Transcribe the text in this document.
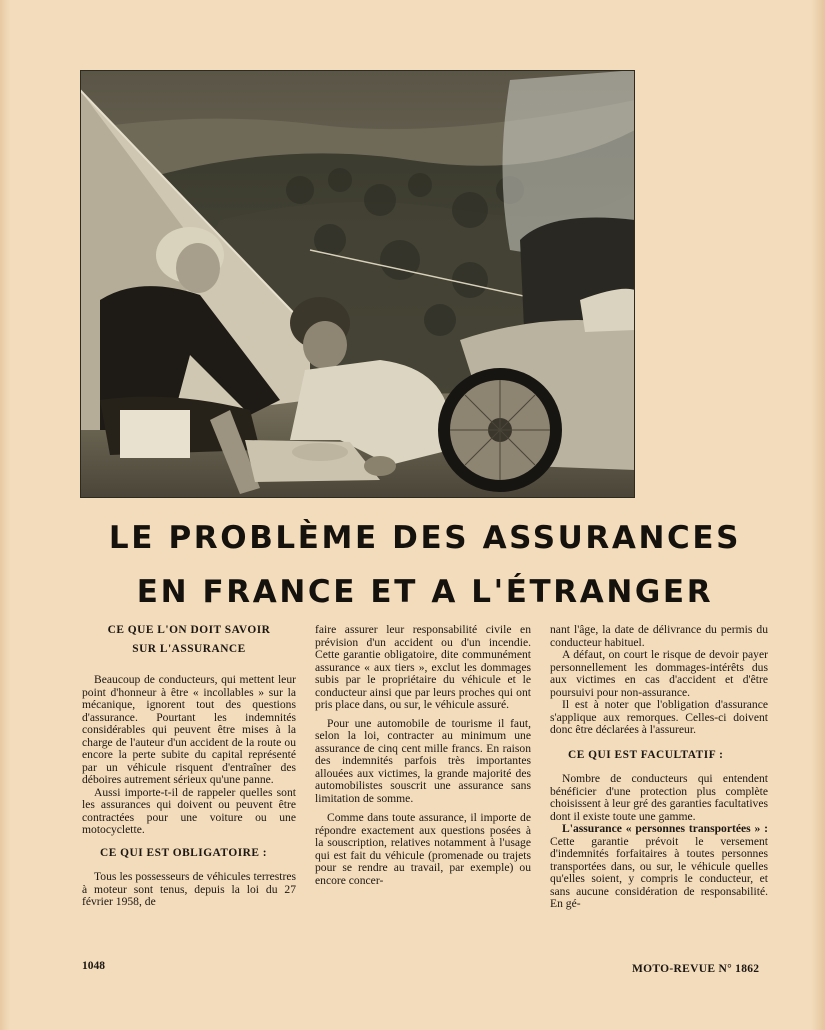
LE PROBLÈME DES ASSURANCES
EN FRANCE ET A L'ÉTRANGER
CE QUE L'ON DOIT SAVOIR
SUR L'ASSURANCE

Beaucoup de conducteurs, qui mettent leur point d'honneur à être « incollables » sur la mécanique, ignorent tout des questions d'assurance. Pourtant les indemnités considérables qui peuvent être mises à la charge de l'auteur d'un accident de la route ou encore la perte subite du capital représenté par un véhicule risquent d'entraîner des déboires autrement sérieux qu'une panne.

Aussi importe-t-il de rappeler quelles sont les assurances qui doivent ou peuvent être contractées pour une voiture ou une motocyclette.

CE QUI EST OBLIGATOIRE :

Tous les possesseurs de véhicules terrestres à moteur sont tenus, depuis la loi du 27 février 1958, de

faire assurer leur responsabilité civile en prévision d'un accident ou d'un incendie. Cette garantie obligatoire, dite communément assurance « aux tiers », exclut les dommages subis par le propriétaire du véhicule et le conducteur ainsi que par leurs proches qui ont pris place dans, ou sur, le véhicule assuré.

Pour une automobile de tourisme il faut, selon la loi, contracter au minimum une assurance de cinq cent mille francs. En raison des indemnités parfois très importantes allouées aux victimes, la grande majorité des automobilistes souscrit une assurance sans limitation de somme.

Comme dans toute assurance, il importe de répondre exactement aux questions posées à la souscription, relatives notamment à l'usage qui est fait du véhicule (promenade ou trajets pour se rendre au travail, par exemple) ou encore concer-

nant l'âge, la date de délivrance du permis du conducteur habituel.

A défaut, on court le risque de devoir payer personnellement les dommages-intérêts dus aux victimes en cas d'accident et d'être poursuivi pour non-assurance.

Il est à noter que l'obligation d'assurance s'applique aux remorques. Celles-ci doivent donc être déclarées à l'assureur.

CE QUI EST FACULTATIF :

Nombre de conducteurs qui entendent bénéficier d'une protection plus complète choisissent à leur gré des garanties facultatives dont il existe toute une gamme.

L'assurance « personnes transportées » : Cette garantie prévoit le versement d'indemnités forfaitaires à toutes personnes transportées dans, ou sur, le véhicule quelles qu'elles soient, y compris le conducteur, et sans aucune considération de responsabilité. En gé-

1048	MOTO-REVUE N° 1862
